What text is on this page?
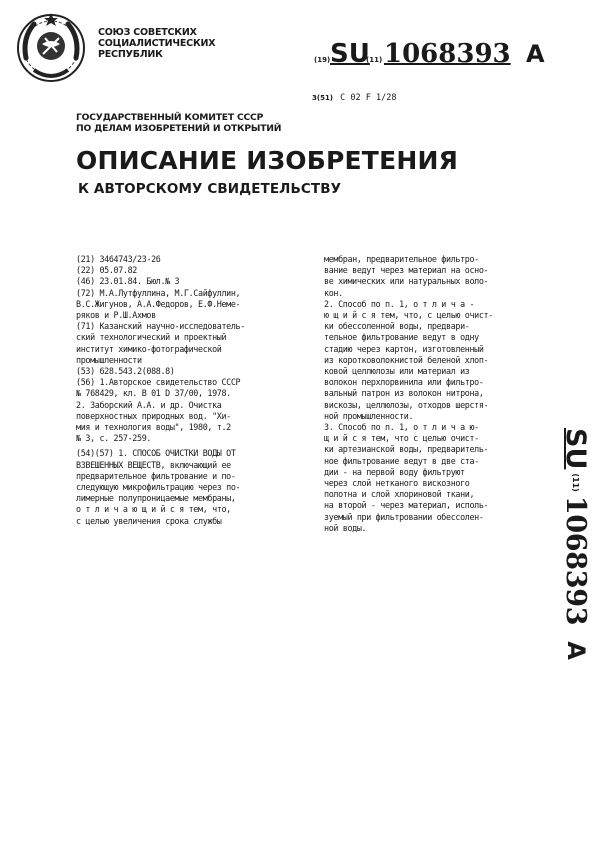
СОЮЗ СОВЕТСКИХ
СОЦИАЛИСТИЧЕСКИХ
РЕСПУБЛИК	(19) SU
(11) 1068393 A
3(51) С 02 F 1/28
ГОСУДАРСТВЕННЫЙ КОМИТЕТ СССР
ПО ДЕЛАМ ИЗОБРЕТЕНИЙ И ОТКРЫТИЙ
ОПИСАНИЕ ИЗОБРЕТЕНИЯ
К АВТОРСКОМУ СВИДЕТЕЛЬСТВУ
(21) 3464743/23-26
(22) 05.07.82
(46) 23.01.84. Бюл.№ 3
(72) М.А.Лутфуллина, М.Г.Сайфуллин,
В.С.Жигунов, А.А.Федоров, Е.Ф.Неме-
ряков и Р.Ш.Ахмов
(71) Казанский научно-исследователь-
ский технологический и проектный
институт химико-фотографической
промышленности
(53) 628.543.2(088.8)
(56) 1.Авторское свидетельство СССР
№ 768429, кл. В 01 D 37/00, 1978.
2. Заборский А.А. и др. Очистка
поверхностных природных вод. "Хи-
мия и технология воды", 1980, т.2
№ 3, с. 257-259.
(54)(57) 1. СПОСОБ ОЧИСТКИ ВОДЫ ОТ
ВЗВЕШЕННЫХ ВЕЩЕСТВ, включающий ее
предварительное фильтрование и по-
следующую микрофильтрацию через по-
лимерные полупроницаемые мембраны,
о т л и ч а ю щ и й с я тем, что,
с целью увеличения срока службы
мембран, предварительное фильтро-
вание ведут через материал на осно-
ве химических или натуральных воло-
кон.
2. Способ по п. 1, о т л и ч а -
ю щ и й с я тем, что, с целью очист-
ки обессоленной воды, предвари-
тельное фильтрование ведут в одну
стадию через картон, изготовленный
из коротковолокнистой беленой хлоп-
ковой целлюлозы или материал из
волокон перхлорвинила или фильтро-
вальный патрон из волокон нитрона,
вискозы, целлюлозы, отходов шерстя-
ной промышленности.
3. Способ по п. 1, о т л и ч а ю-
щ и й с я тем, что с целью очист-
ки артезианской воды, предваритель-
ное фильтрование ведут в две ста-
дии - на первой воду фильтруют
через слой нетканого вискозного
полотна и слой хлориновой ткани,
на второй - через материал, исполь-
зуемый при фильтровании обессолен-
ной воды.
SU
(11)
1068393
A
